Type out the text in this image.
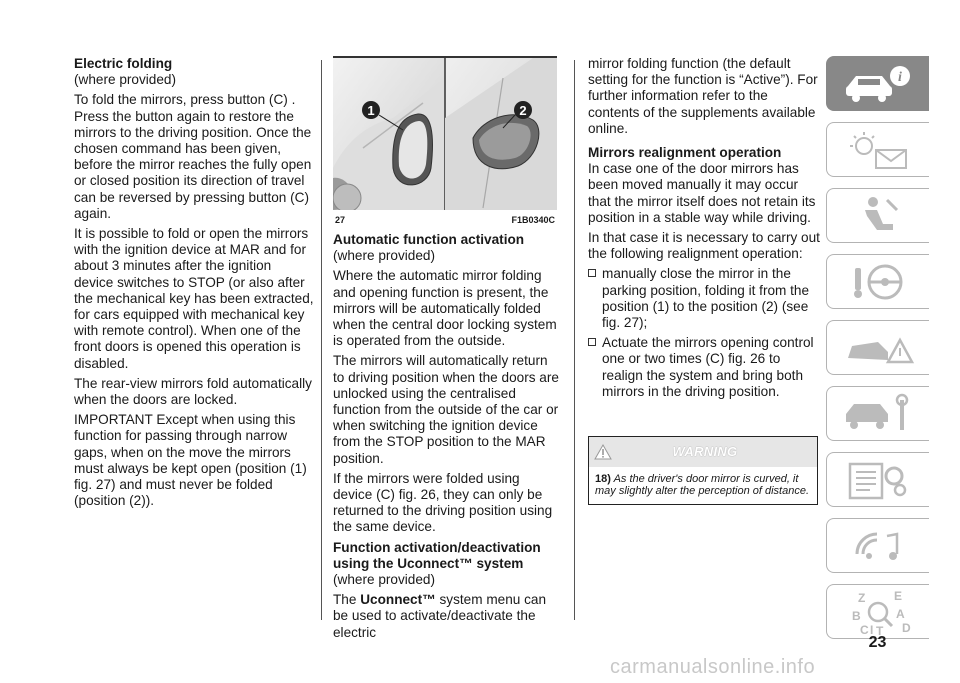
Electric folding

(where provided)

To fold the mirrors, press button (C) . Press the button again to restore the mirrors to the driving position. Once the chosen command has been given, before the mirror reaches the fully open or closed position its direction of travel can be reversed by pressing button (C) again.

It is possible to fold or open the mirrors with the ignition device at MAR and for about 3 minutes after the ignition device switches to STOP (or also after the mechanical key has been extracted, for cars equipped with mechanical key with remote control). When one of the front doors is opened this operation is disabled.

The rear-view mirrors fold automatically when the doors are locked.

IMPORTANT Except when using this function for passing through narrow gaps, when on the move the mirrors must always be kept open (position (1) fig. 27) and must never be folded (position (2)).

1	2
27	F1B0340C
Automatic function activation

(where provided)

Where the automatic mirror folding and opening function is present, the mirrors will be automatically folded when the central door locking system is operated from the outside.

The mirrors will automatically return to driving position when the doors are unlocked using the centralised function from the outside of the car or when switching the ignition device from the STOP position to the MAR position.

If the mirrors were folded using device (C) fig. 26, they can only be returned to the driving position using the same device.

Function activation/deactivation using the Uconnect™ system

(where provided)

The Uconnect™ system menu can be used to activate/deactivate the electric

mirror folding function (the default setting for the function is “Active”). For further information refer to the contents of the supplements available online.

Mirrors realignment operation

In case one of the door mirrors has been moved manually it may occur that the mirror itself does not retain its position in a stable way while driving.

In that case it is necessary to carry out the following realignment operation:

manually close the mirror in the parking position, folding it from the position (1) to the position (2) (see fig. 27);

Actuate the mirrors opening control one or two times (C) fig. 26 to realign the system and bring both mirrors in the driving position.

WARNING
18) As the driver's door mirror is curved, it may slightly alter the perception of distance.
i
Z E
B	A
C T D
I
23
carmanualsonline.info
